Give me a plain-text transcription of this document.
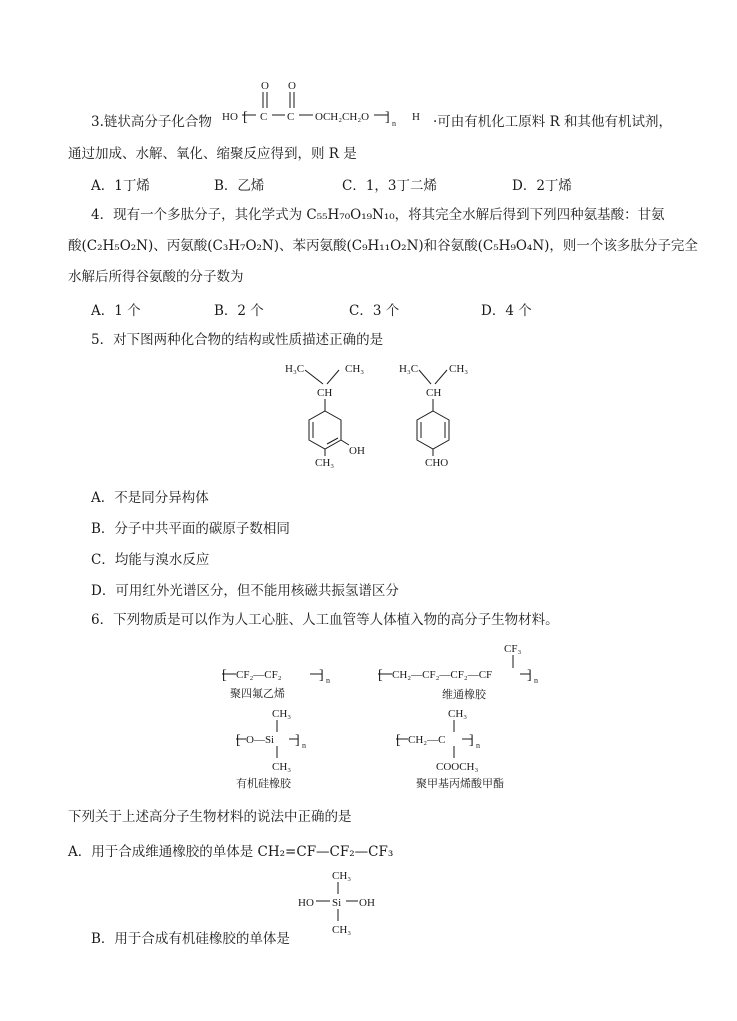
3.链状高分子化合物
O O
HO [ C C OCH₂CH₂O ] n
H ·可由有机化工原料 R 和其他有机试剂，
通过加成、水解、氧化、缩聚反应得到，则 R 是
A．1丁烯	B．乙烯	C．1，3丁二烯	D．2丁烯
4．现有一个多肽分子，其化学式为 C₅₅H₇₀O₁₉N₁₀，将其完全水解后得到下列四种氨基酸：甘氨
酸(C₂H₅O₂N)、丙氨酸(C₃H₇O₂N)、苯丙氨酸(C₉H₁₁O₂N)和谷氨酸(C₅H₉O₄N)，则一个该多肽分子完全
水解后所得谷氨酸的分子数为
A．1 个	B．2 个	C．3 个	D．4 个
5．对下图两种化合物的结构或性质描述正确的是
H₃C	CH₃
CH
OH
CH₃
H₃C	CH₃
CH
CHO
A．不是同分异构体
B．分子中共平面的碳原子数相同
C．均能与溴水反应
D．可用红外光谱区分，但不能用核磁共振氢谱区分
6．下列物质是可以作为人工心脏、人工血管等人体植入物的高分子生物材料。
[ CF₂—CF₂	] n
聚四氟乙烯
CF₃
[ CH₂—CF₂—CF₂—CF ] n
维通橡胶
CH₃
[ O—Si ] n
CH₃
有机硅橡胶
CH₃
[ CH₂—C ] n
COOCH₃
聚甲基丙烯酸甲酯
下列关于上述高分子生物材料的说法中正确的是
A．用于合成维通橡胶的单体是 CH₂=CF—CF₂—CF₃
CH₃
HO Si OH
CH₃
B．用于合成有机硅橡胶的单体是
